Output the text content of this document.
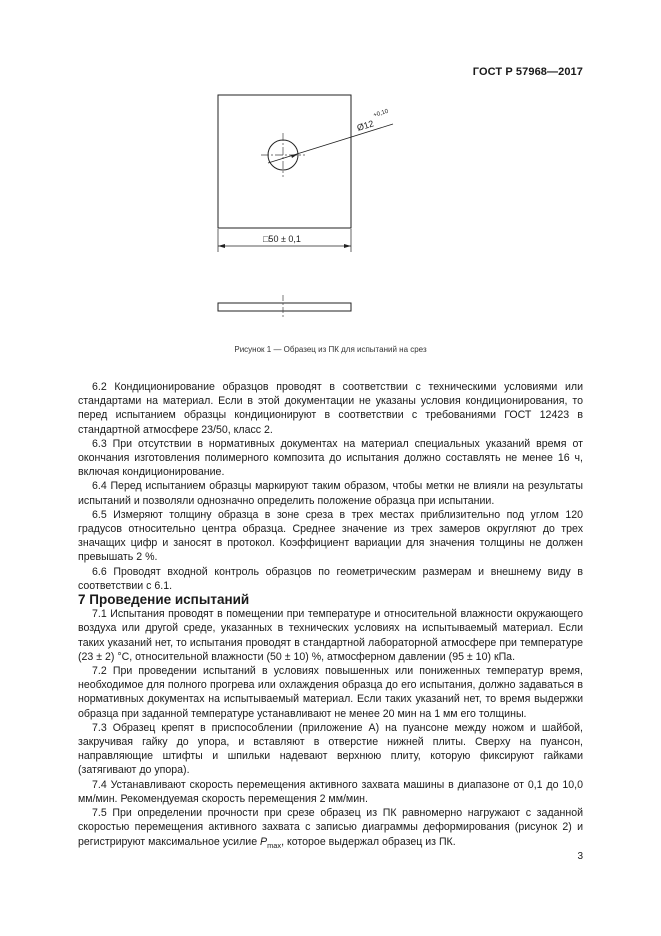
ГОСТ Р 57968—2017
Ø12
+0,10
□50 ± 0,1
Рисунок 1 — Образец из ПК для испытаний на срез

6.2 Кондиционирование образцов проводят в соответствии с техническими условиями или стандартами на материал. Если в этой документации не указаны условия кондиционирования, то перед испытанием образцы кондиционируют в соответствии с требованиями ГОСТ 12423 в стандартной атмосфере 23/50, класс 2.

6.3 При отсутствии в нормативных документах на материал специальных указаний время от окончания изготовления полимерного композита до испытания должно составлять не менее 16 ч, включая кондиционирование.

6.4 Перед испытанием образцы маркируют таким образом, чтобы метки не влияли на результаты испытаний и позволяли однозначно определить положение образца при испытании.

6.5 Измеряют толщину образца в зоне среза в трех местах приблизительно под углом 120 градусов относительно центра образца. Среднее значение из трех замеров округляют до трех значащих цифр и заносят в протокол. Коэффициент вариации для значения толщины не должен превышать 2 %.

6.6 Проводят входной контроль образцов по геометрическим размерам и внешнему виду в соответствии с 6.1.

7 Проведение испытаний

7.1 Испытания проводят в помещении при температуре и относительной влажности окружающего воздуха или другой среде, указанных в технических условиях на испытываемый материал. Если таких указаний нет, то испытания проводят в стандартной лабораторной атмосфере при температуре (23 ± 2) °С, относительной влажности (50 ± 10) %, атмосферном давлении (95 ± 10) кПа.

7.2 При проведении испытаний в условиях повышенных или пониженных температур время, необходимое для полного прогрева или охлаждения образца до его испытания, должно задаваться в нормативных документах на испытываемый материал. Если таких указаний нет, то время выдержки образца при заданной температуре устанавливают не менее 20 мин на 1 мм его толщины.

7.3 Образец крепят в приспособлении (приложение А) на пуансоне между ножом и шайбой, закручивая гайку до упора, и вставляют в отверстие нижней плиты. Сверху на пуансон, направляющие штифты и шпильки надевают верхнюю плиту, которую фиксируют гайками (затягивают до упора).

7.4 Устанавливают скорость перемещения активного захвата машины в диапазоне от 0,1 до 10,0 мм/мин. Рекомендуемая скорость перемещения 2 мм/мин.

7.5 При определении прочности при срезе образец из ПК равномерно нагружают с заданной скоростью перемещения активного захвата с записью диаграммы деформирования (рисунок 2) и регистрируют максимальное усилие $P_{max}$, которое выдержал образец из ПК.

3
